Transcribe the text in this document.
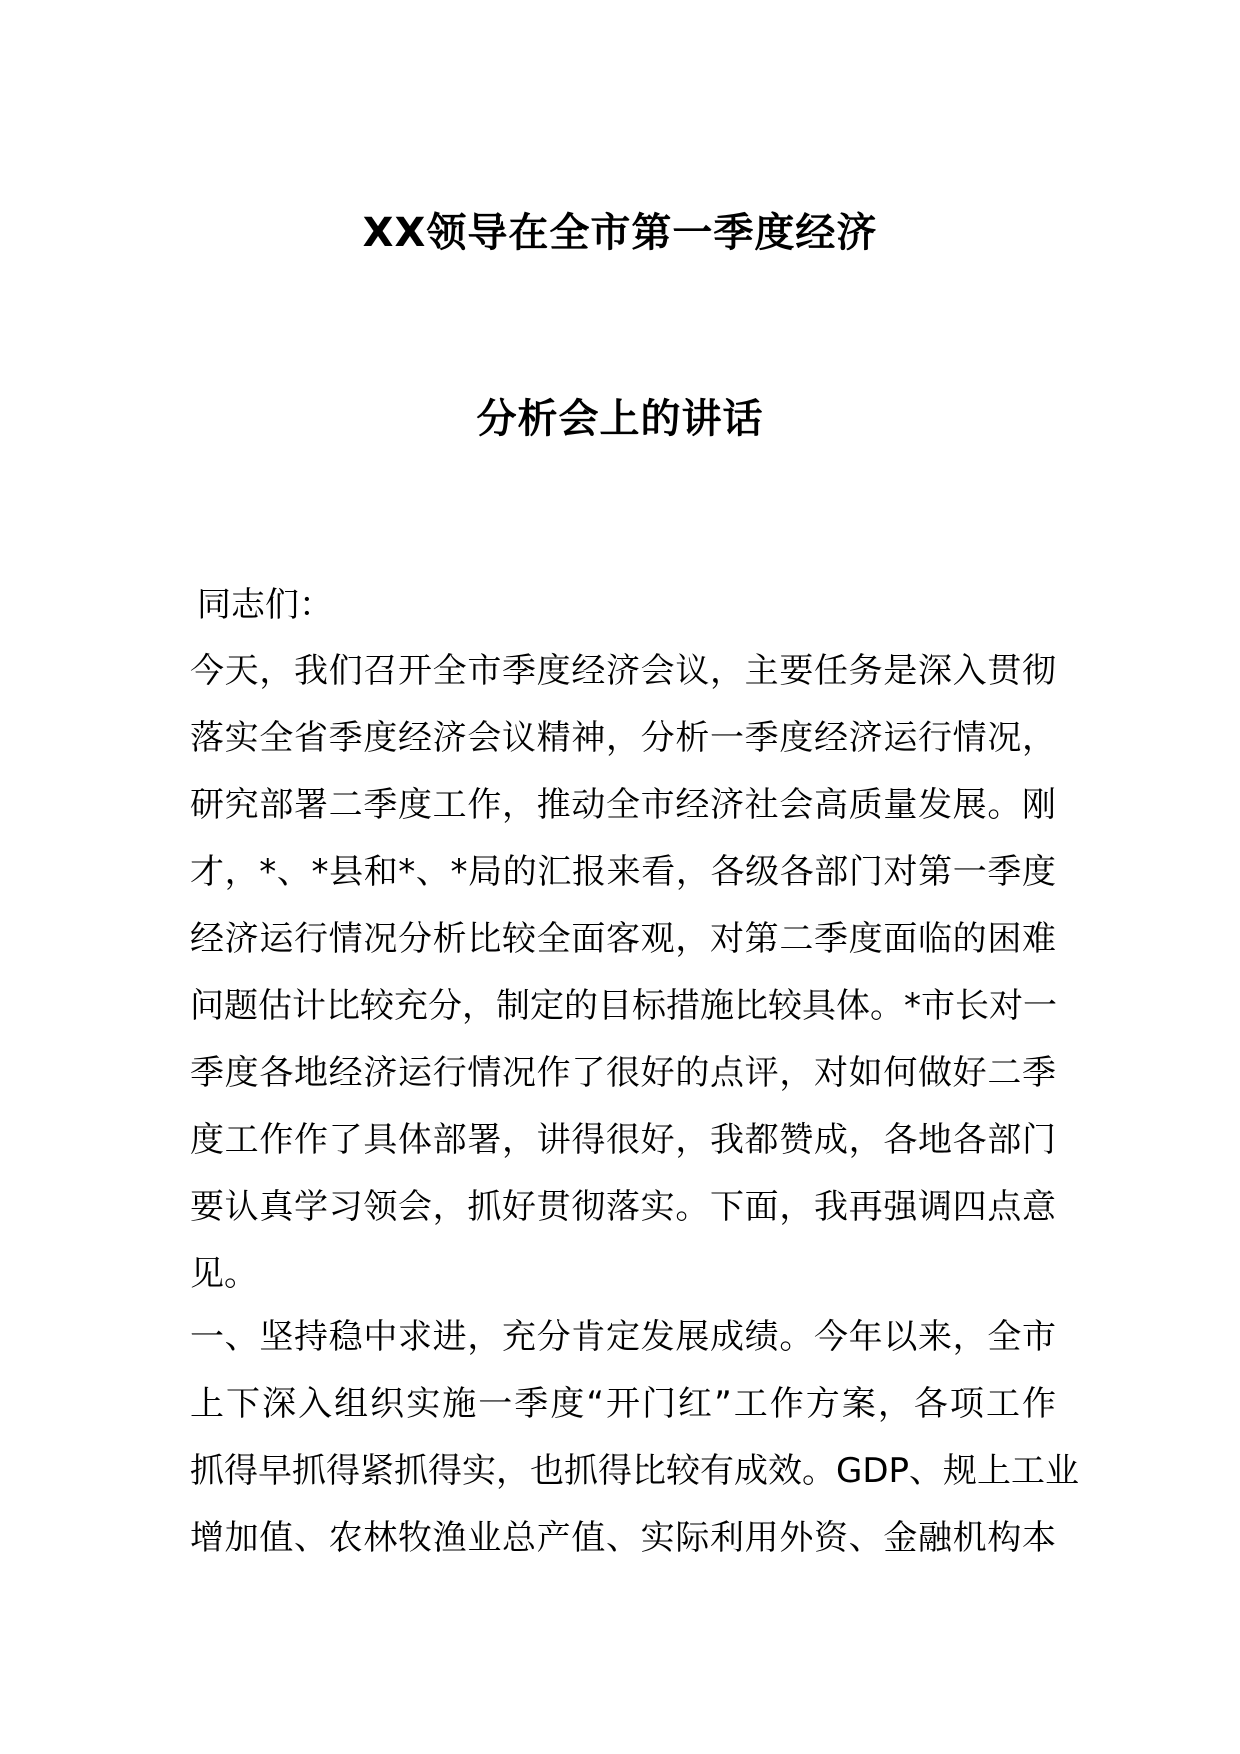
XX领导在全市第一季度经济
分析会上的讲话
同志们：
今天，我们召开全市季度经济会议，主要任务是深入贯彻
落实全省季度经济会议精神，分析一季度经济运行情况，
研究部署二季度工作，推动全市经济社会高质量发展。刚
才，*、*县和*、*局的汇报来看，各级各部门对第一季度
经济运行情况分析比较全面客观，对第二季度面临的困难
问题估计比较充分，制定的目标措施比较具体。*市长对一
季度各地经济运行情况作了很好的点评，对如何做好二季
度工作作了具体部署，讲得很好，我都赞成，各地各部门
要认真学习领会，抓好贯彻落实。下面，我再强调四点意
见。
一、坚持稳中求进，充分肯定发展成绩。今年以来，全市
上下深入组织实施一季度“开门红”工作方案，各项工作
抓得早抓得紧抓得实，也抓得比较有成效。GDP、规上工业
增加值、农林牧渔业总产值、实际利用外资、金融机构本
